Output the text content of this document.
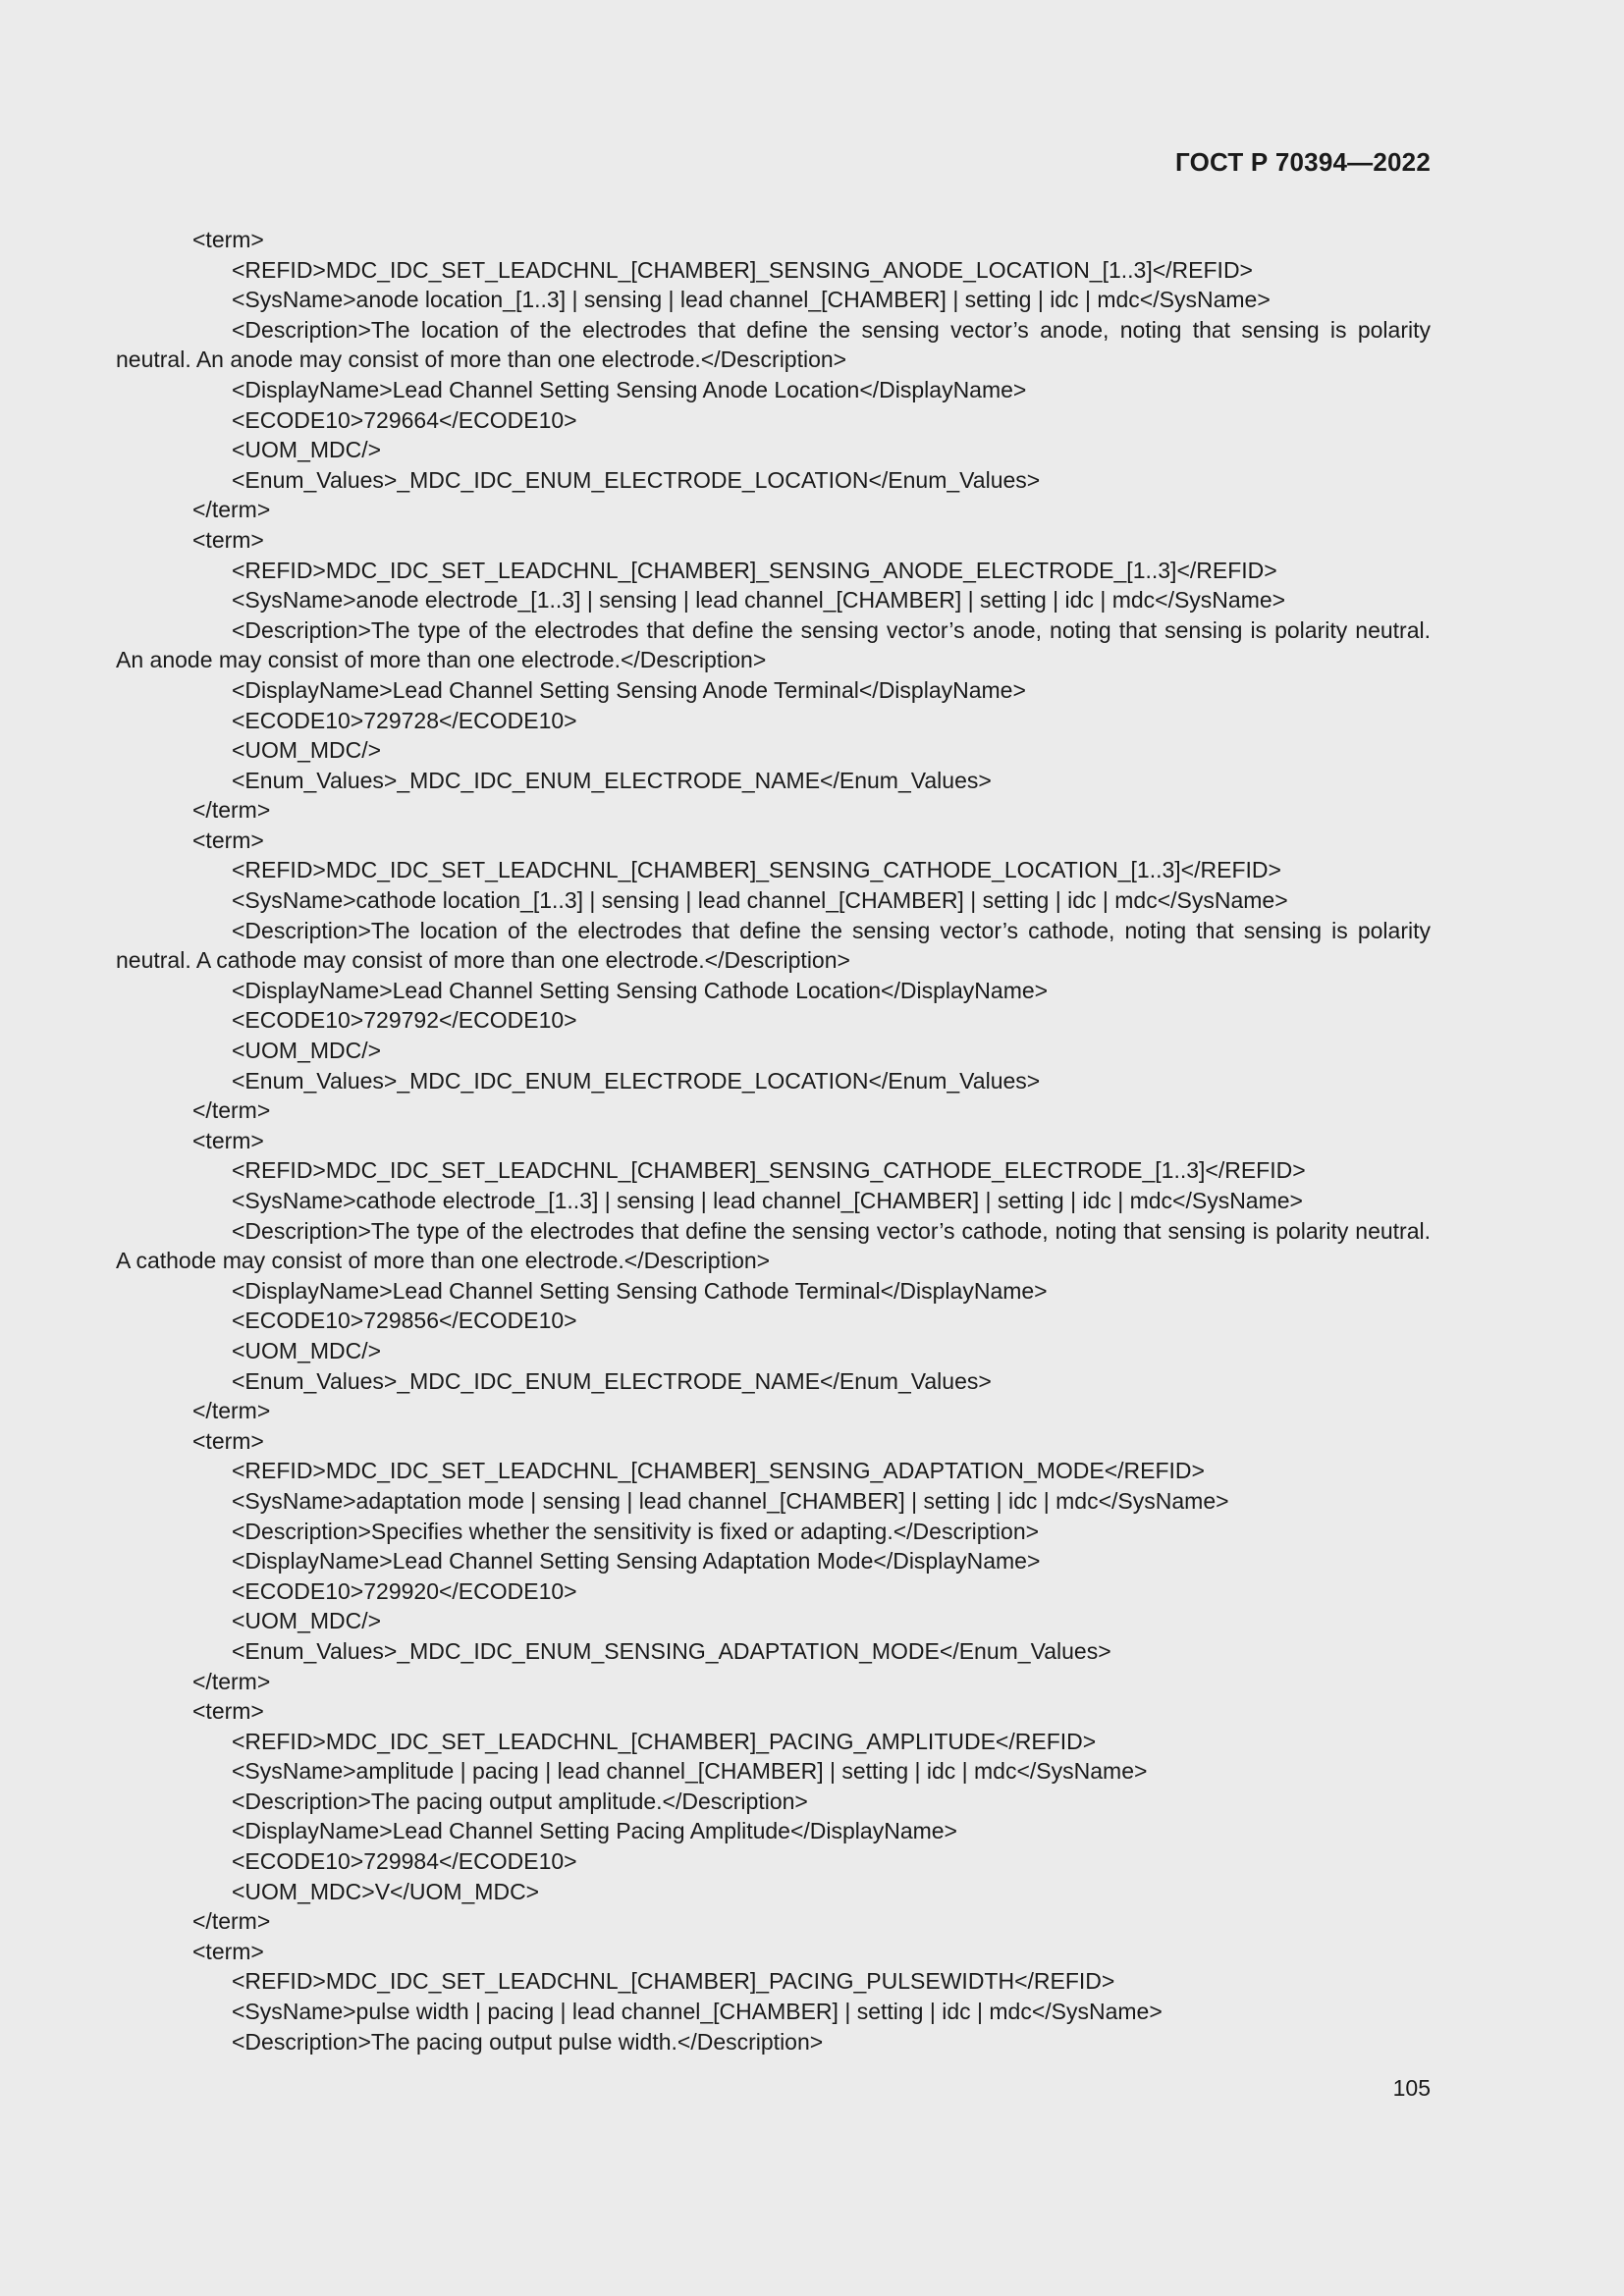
ГОСТ Р 70394—2022
<term>
<REFID>MDC_IDC_SET_LEADCHNL_[CHAMBER]_SENSING_ANODE_LOCATION_[1..3]</REFID>
<SysName>anode location_[1..3] | sensing | lead channel_[CHAMBER] | setting | idc | mdc</SysName>
<Description>The location of the electrodes that define the sensing vector’s anode, noting that sensing is polarity neutral. An anode may consist of more than one electrode.</Description>
<DisplayName>Lead Channel Setting Sensing Anode Location</DisplayName>
<ECODE10>729664</ECODE10>
<UOM_MDC/>
<Enum_Values>_MDC_IDC_ENUM_ELECTRODE_LOCATION</Enum_Values>
</term>
<term>
<REFID>MDC_IDC_SET_LEADCHNL_[CHAMBER]_SENSING_ANODE_ELECTRODE_[1..3]</REFID>
<SysName>anode electrode_[1..3] | sensing | lead channel_[CHAMBER] | setting | idc | mdc</SysName>
<Description>The type of the electrodes that define the sensing vector’s anode, noting that sensing is polarity neutral. An anode may consist of more than one electrode.</Description>
<DisplayName>Lead Channel Setting Sensing Anode Terminal</DisplayName>
<ECODE10>729728</ECODE10>
<UOM_MDC/>
<Enum_Values>_MDC_IDC_ENUM_ELECTRODE_NAME</Enum_Values>
</term>
<term>
<REFID>MDC_IDC_SET_LEADCHNL_[CHAMBER]_SENSING_CATHODE_LOCATION_[1..3]</REFID>
<SysName>cathode location_[1..3] | sensing | lead channel_[CHAMBER] | setting | idc | mdc</SysName>
<Description>The location of the electrodes that define the sensing vector’s cathode, noting that sensing is polarity neutral. A cathode may consist of more than one electrode.</Description>
<DisplayName>Lead Channel Setting Sensing Cathode Location</DisplayName>
<ECODE10>729792</ECODE10>
<UOM_MDC/>
<Enum_Values>_MDC_IDC_ENUM_ELECTRODE_LOCATION</Enum_Values>
</term>
<term>
<REFID>MDC_IDC_SET_LEADCHNL_[CHAMBER]_SENSING_CATHODE_ELECTRODE_[1..3]</REFID>
<SysName>cathode electrode_[1..3] | sensing | lead channel_[CHAMBER] | setting | idc | mdc</SysName>
<Description>The type of the electrodes that define the sensing vector’s cathode, noting that sensing is polarity neutral. A cathode may consist of more than one electrode.</Description>
<DisplayName>Lead Channel Setting Sensing Cathode Terminal</DisplayName>
<ECODE10>729856</ECODE10>
<UOM_MDC/>
<Enum_Values>_MDC_IDC_ENUM_ELECTRODE_NAME</Enum_Values>
</term>
<term>
<REFID>MDC_IDC_SET_LEADCHNL_[CHAMBER]_SENSING_ADAPTATION_MODE</REFID>
<SysName>adaptation mode | sensing | lead channel_[CHAMBER] | setting | idc | mdc</SysName>
<Description>Specifies whether the sensitivity is fixed or adapting.</Description>
<DisplayName>Lead Channel Setting Sensing Adaptation Mode</DisplayName>
<ECODE10>729920</ECODE10>
<UOM_MDC/>
<Enum_Values>_MDC_IDC_ENUM_SENSING_ADAPTATION_MODE</Enum_Values>
</term>
<term>
<REFID>MDC_IDC_SET_LEADCHNL_[CHAMBER]_PACING_AMPLITUDE</REFID>
<SysName>amplitude | pacing | lead channel_[CHAMBER] | setting | idc | mdc</SysName>
<Description>The pacing output amplitude.</Description>
<DisplayName>Lead Channel Setting Pacing Amplitude</DisplayName>
<ECODE10>729984</ECODE10>
<UOM_MDC>V</UOM_MDC>
</term>
<term>
<REFID>MDC_IDC_SET_LEADCHNL_[CHAMBER]_PACING_PULSEWIDTH</REFID>
<SysName>pulse width | pacing | lead channel_[CHAMBER] | setting | idc | mdc</SysName>
<Description>The pacing output pulse width.</Description>
105
